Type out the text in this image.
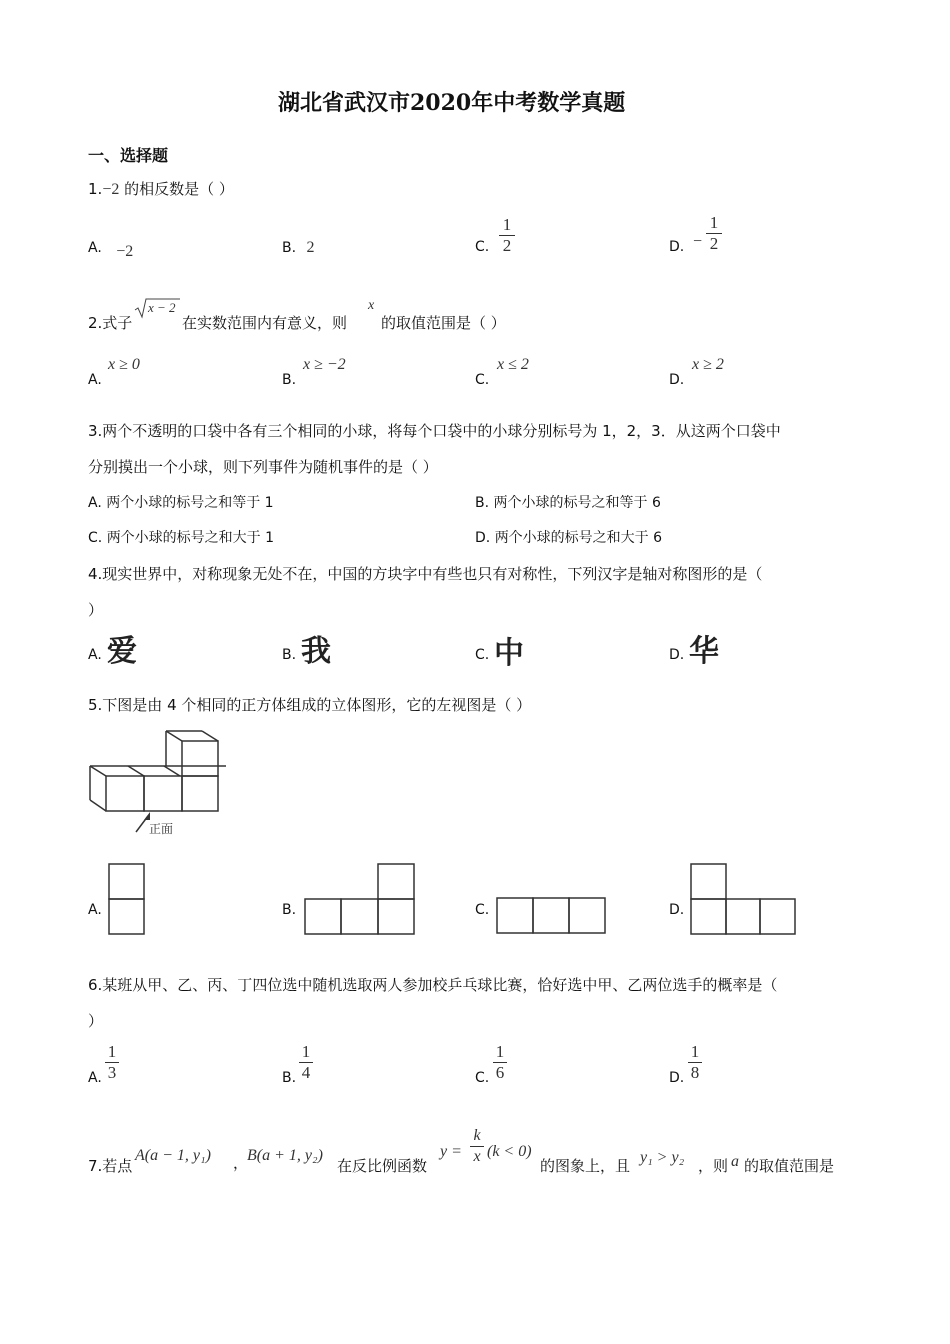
湖北省武汉市2020年中考数学真题
一、选择题
1.−2 的相反数是（ ）
A. −2	B. 2	C.
1
2	D. −
1
2
2.式子
x − 2
在实数范围内有意义，则
x
的取值范围是（ ）
A.
x ≥ 0
B.
x ≥ −2
C.
x ≤ 2
D.
x ≥ 2
3.两个不透明的口袋中各有三个相同的小球，将每个口袋中的小球分别标号为 1，2，3．从这两个口袋中
分别摸出一个小球，则下列事件为随机事件的是（ ）
A. 两个小球的标号之和等于 1	B. 两个小球的标号之和等于 6
C. 两个小球的标号之和大于 1	D. 两个小球的标号之和大于 6
4.现实世界中，对称现象无处不在，中国的方块字中有些也只有对称性，下列汉字是轴对称图形的是（
）
A. 爱	B. 我	C. 中	D. 华
5.下图是由 4 个相同的正方体组成的立体图形，它的左视图是（ ）
正面
A.	B.	C.	D.
6.某班从甲、乙、丙、丁四位选中随机选取两人参加校乒乓球比赛，恰好选中甲、乙两位选手的概率是（
）
A.
1
3	B.
1
4	C.
1
6	D.
1
8
7.若点
A(a − 1, y₁) ，
B(a + 1, y₂)
在反比例函数
y =
k
x (k < 0)
的图象上，且 y₁ > y₂ ，则 a 的取值范围是
